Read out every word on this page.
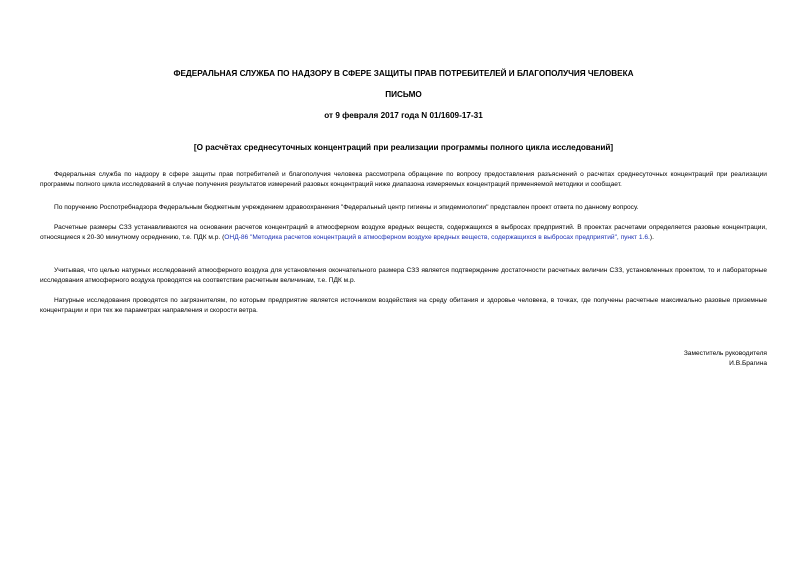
ФЕДЕРАЛЬНАЯ СЛУЖБА ПО НАДЗОРУ В СФЕРЕ ЗАЩИТЫ ПРАВ ПОТРЕБИТЕЛЕЙ И БЛАГОПОЛУЧИЯ ЧЕЛОВЕКА
ПИСЬМО
от 9 февраля 2017 года N 01/1609-17-31
[О расчётах среднесуточных концентраций при реализации программы полного цикла исследований]
Федеральная служба по надзору в сфере защиты прав потребителей и благополучия человека рассмотрела обращение по вопросу предоставления разъяснений о расчетах среднесуточных концентраций при реализации программы полного цикла исследований в случае получения результатов измерений разовых концентраций ниже диапазона измеряемых концентраций применяемой методики и сообщает.
По поручению Роспотребнадзора Федеральным бюджетным учреждением здравоохранения "Федеральный центр гигиены и эпидемиологии" представлен проект ответа по данному вопросу.
Расчетные размеры СЗЗ устанавливаются на основании расчетов концентраций в атмосферном воздухе вредных веществ, содержащихся в выбросах предприятий. В проектах расчетами определяется разовые концентрации, относящиеся к 20-30 минутному осреднению, т.е. ПДК м.р. (ОНД-86 "Методика расчетов концентраций в атмосферном воздухе вредных веществ, содержащихся в выбросах предприятий", пункт 1.6.).
Учитывая, что целью натурных исследований атмосферного воздуха для установления окончательного размера СЗЗ является подтверждение достаточности расчетных величин СЗЗ, установленных проектом, то и лабораторные исследования атмосферного воздуха проводятся на соответствие расчетным величинам, т.е. ПДК м.р.
Натурные исследования проводятся по загрязнителям, по которым предприятие является источником воздействия на среду обитания и здоровье человека, в точках, где получены расчетные максимально разовые приземные концентрации и при тех же параметрах направления и скорости ветра.
Заместитель руководителя
И.В.Брагина
